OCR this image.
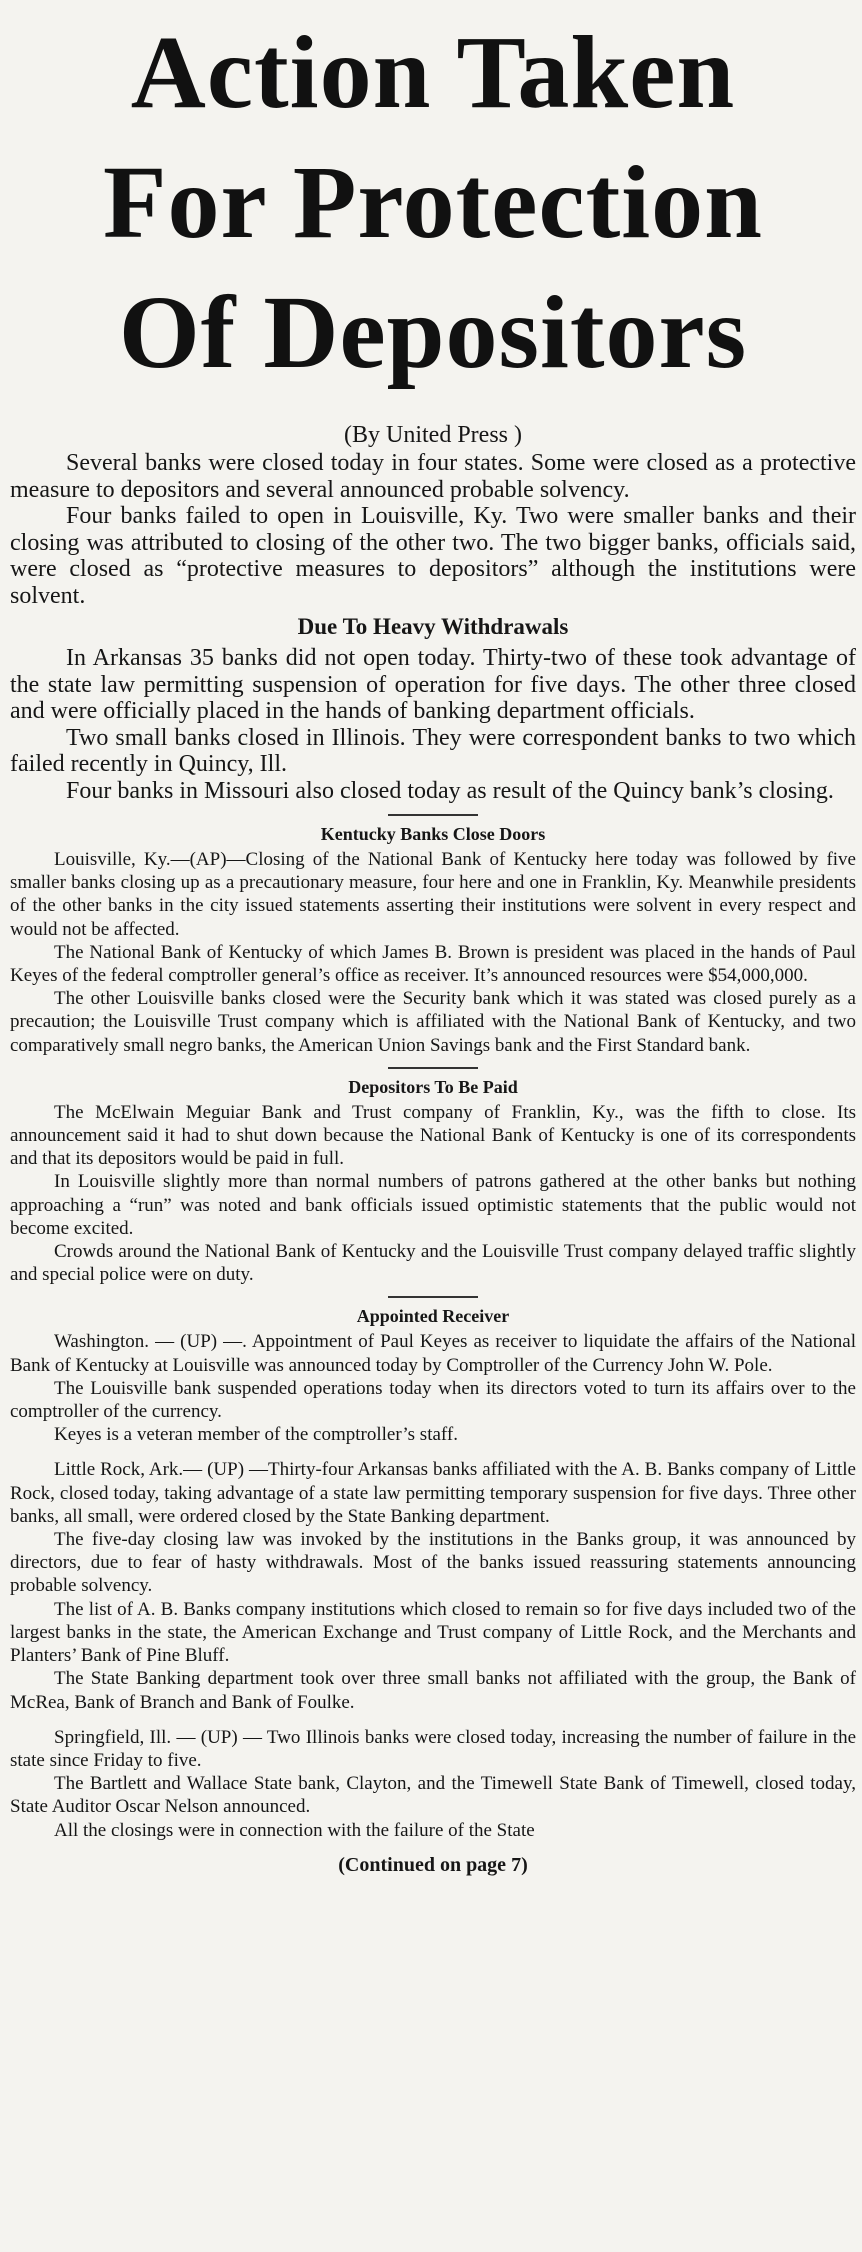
Action Taken
For Protection
Of Depositors
(By United Press )

Several banks were closed today in four states. Some were closed as a protective measure to depositors and several announced probable solvency.

Four banks failed to open in Louisville, Ky. Two were smaller banks and their closing was attributed to closing of the other two. The two bigger banks, officials said, were closed as “protective measures to depositors” although the institutions were solvent.

Due To Heavy Withdrawals

In Arkansas 35 banks did not open today. Thirty-two of these took advantage of the state law permitting suspension of operation for five days. The other three closed and were officially placed in the hands of banking department officials.

Two small banks closed in Illinois. They were correspondent banks to two which failed recently in Quincy, Ill.

Four banks in Missouri also closed today as result of the Quincy bank’s closing.

Kentucky Banks Close Doors

Louisville, Ky.—(AP)—Closing of the National Bank of Kentucky here today was followed by five smaller banks closing up as a precautionary measure, four here and one in Franklin, Ky. Meanwhile presidents of the other banks in the city issued statements asserting their institutions were solvent in every respect and would not be affected.

The National Bank of Kentucky of which James B. Brown is president was placed in the hands of Paul Keyes of the federal comptroller general’s office as receiver. It’s announced resources were $54,000,000.

The other Louisville banks closed were the Security bank which it was stated was closed purely as a precaution; the Louisville Trust company which is affiliated with the National Bank of Kentucky, and two comparatively small negro banks, the American Union Savings bank and the First Standard bank.

Depositors To Be Paid

The McElwain Meguiar Bank and Trust company of Franklin, Ky., was the fifth to close. Its announcement said it had to shut down because the National Bank of Kentucky is one of its correspondents and that its depositors would be paid in full.

In Louisville slightly more than normal numbers of patrons gathered at the other banks but nothing approaching a “run” was noted and bank officials issued optimistic statements that the public would not become excited.

Crowds around the National Bank of Kentucky and the Louisville Trust company delayed traffic slightly and special police were on duty.

Appointed Receiver

Washington. — (UP) —. Appointment of Paul Keyes as receiver to liquidate the affairs of the National Bank of Kentucky at Louisville was announced today by Comptroller of the Currency John W. Pole.

The Louisville bank suspended operations today when its directors voted to turn its affairs over to the comptroller of the currency.

Keyes is a veteran member of the comptroller’s staff.

Little Rock, Ark.— (UP) —Thirty-four Arkansas banks affiliated with the A. B. Banks company of Little Rock, closed today, taking advantage of a state law permitting temporary suspension for five days. Three other banks, all small, were ordered closed by the State Banking department.

The five-day closing law was invoked by the institutions in the Banks group, it was announced by directors, due to fear of hasty withdrawals. Most of the banks issued reassuring statements announcing probable solvency.

The list of A. B. Banks company institutions which closed to remain so for five days included two of the largest banks in the state, the American Exchange and Trust company of Little Rock, and the Merchants and Planters’ Bank of Pine Bluff.

The State Banking department took over three small banks not affiliated with the group, the Bank of McRea, Bank of Branch and Bank of Foulke.

Springfield, Ill. — (UP) — Two Illinois banks were closed today, increasing the number of failure in the state since Friday to five.

The Bartlett and Wallace State bank, Clayton, and the Timewell State Bank of Timewell, closed today, State Auditor Oscar Nelson announced.

All the closings were in connection with the failure of the State

(Continued on page 7)
